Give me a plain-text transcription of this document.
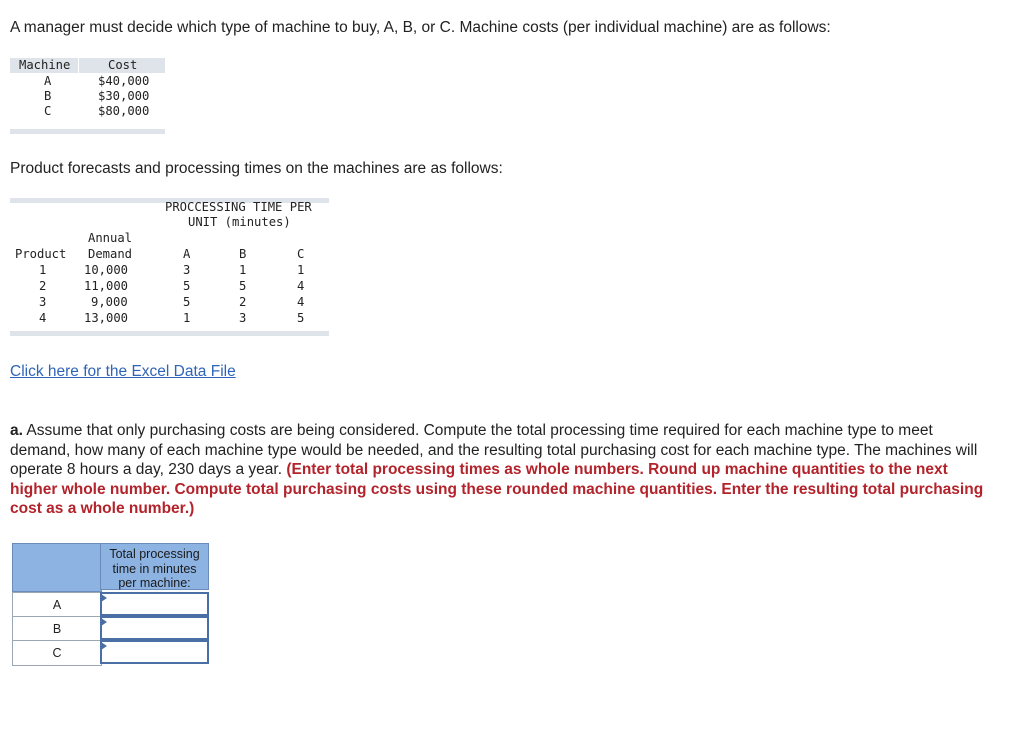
A manager must decide which type of machine to buy, A, B, or C. Machine costs (per individual machine) are as follows:
Machine	Cost
A	$40,000
B	$30,000
C	$80,000
Product forecasts and processing times on the machines are as follows:
PROCCESSING TIME PER
UNIT (minutes)
Annual
Product Demand	A	B	C
1	10,000	3	1	1
2	11,000	5	5	4
3	9,000	5	2	4
4	13,000	1	3	5
Click here for the Excel Data File
a. Assume that only purchasing costs are being considered. Compute the total processing time required for each machine type to meet demand, how many of each machine type would be needed, and the resulting total purchasing cost for each machine type. The machines will operate 8 hours a day, 230 days a year. (Enter total processing times as whole numbers. Round up machine quantities to the next higher whole number. Compute total purchasing costs using these rounded machine quantities. Enter the resulting total purchasing cost as a whole number.)
Total processing
time in minutes
per machine:
A
B
C
